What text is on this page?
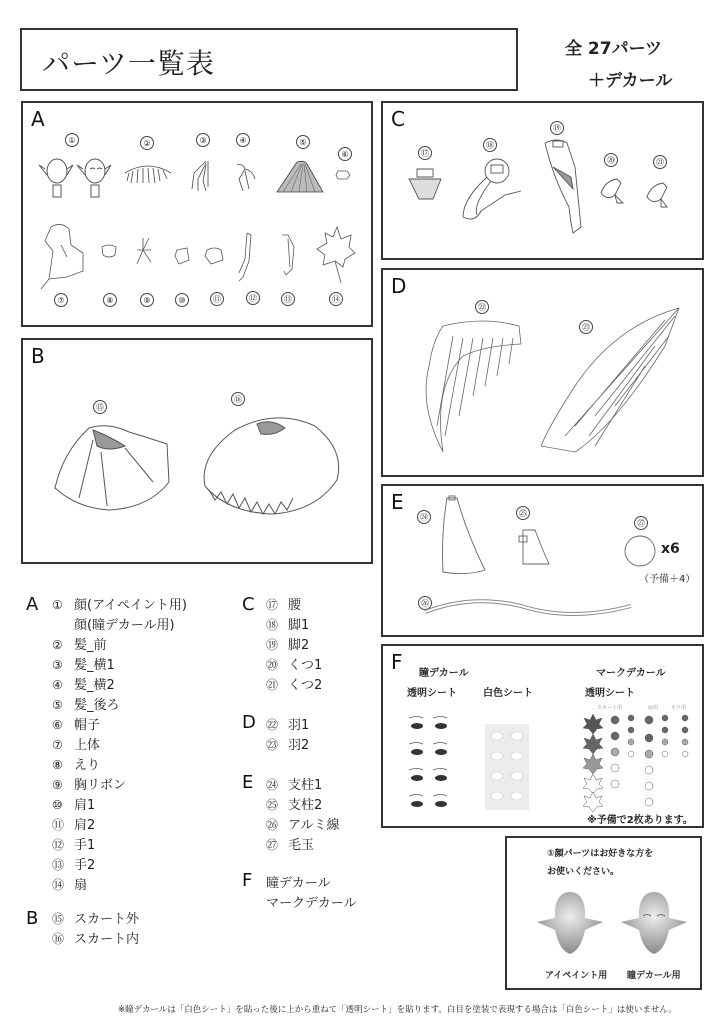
パーツ一覧表	全 27パーツ
＋デカール
A
①	②	③	④	⑤
⑥
⑦	⑧	⑨	⑩	⑪	⑫	⑬	⑭
B
⑮
⑯
C
⑰
⑱
⑲
⑳	㉑
D
㉒
㉓
E
㉔	㉕
㉗
㉖
x6
（予備＋4）
F 瞳デカール
透明シート	白色シート
マークデカール
透明シート
スカート用	扇用	えり用
※予備で2枚あります。
①顔パーツはお好きな方を
お使いください。
アイペイント用 瞳デカール用
A ① 顔(アイペイント用)
顔(瞳デカール用)
② 髪_前
③ 髪_横1
④ 髪_横2
⑤ 髪_後ろ
⑥ 帽子
⑦ 上体
⑧ えり
⑨ 胸リボン
⑩ 肩1
⑪ 肩2
⑫ 手1
⑬ 手2
⑭ 扇
B ⑮ スカート外
⑯ スカート内
C ⑰ 腰
⑱ 脚1
⑲ 脚2
⑳ くつ1
㉑ くつ2
D ㉒ 羽1
㉓ 羽2
E ㉔ 支柱1
㉕ 支柱2
㉖ アルミ線
㉗ 毛玉
F 瞳デカール
マークデカール
※瞳デカールは「白色シート」を貼った後に上から重ねて「透明シート」を貼ります。白目を塗装で表現する場合は「白色シート」は使いません。
